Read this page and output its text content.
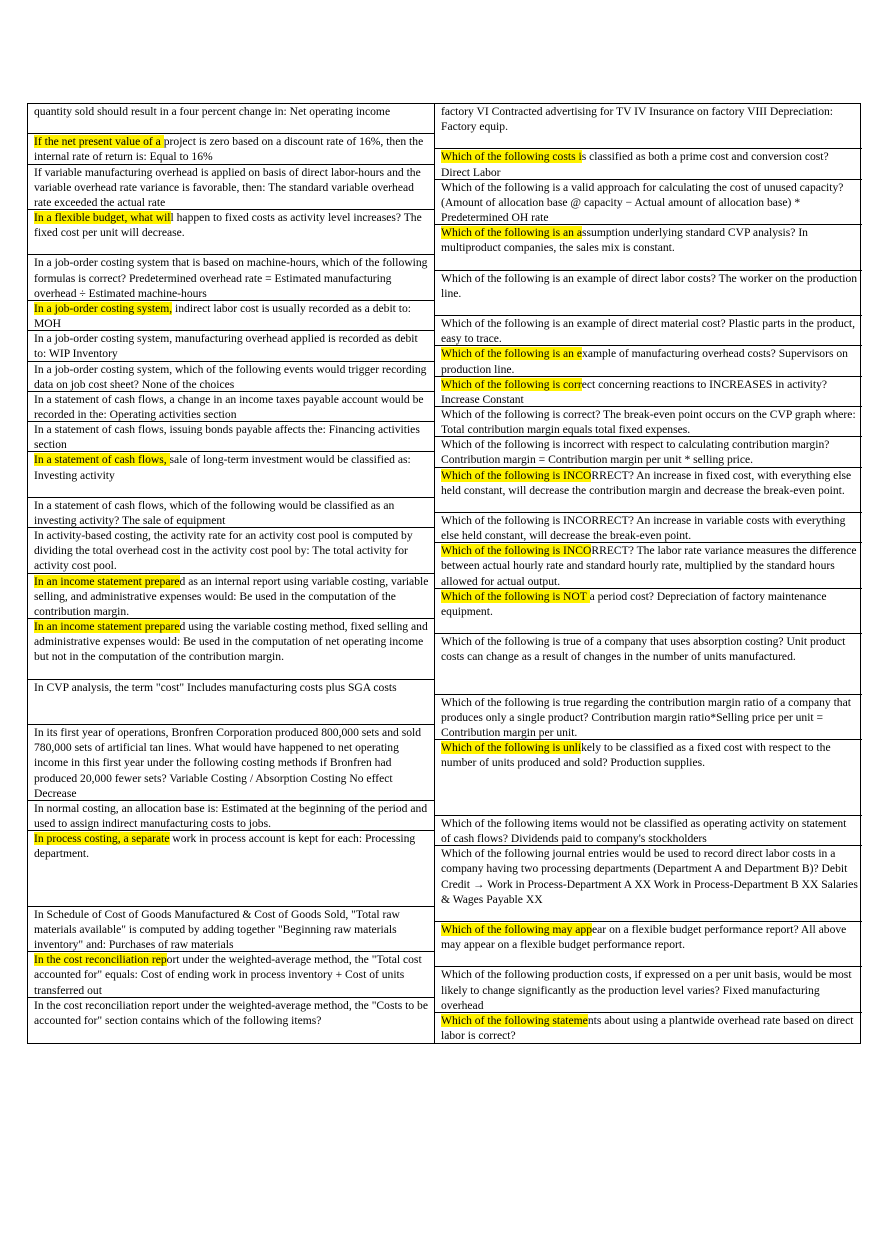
quantity sold should result in a four percent change in: Net operating income

If the net present value of a project is zero based on a discount rate of 16%, then the internal rate of return is: Equal to 16%

If variable manufacturing overhead is applied on basis of direct labor-hours and the variable overhead rate variance is favorable, then: The standard variable overhead rate exceeded the actual rate

In a flexible budget, what will happen to fixed costs as activity level increases? The fixed cost per unit will decrease.

In a job-order costing system that is based on machine-hours, which of the following formulas is correct? Predetermined overhead rate = Estimated manufacturing overhead ÷ Estimated machine-hours

In a job-order costing system, indirect labor cost is usually recorded as a debit to: MOH

In a job-order costing system, manufacturing overhead applied is recorded as debit to: WIP Inventory

In a job-order costing system, which of the following events would trigger recording data on job cost sheet? None of the choices

In a statement of cash flows, a change in an income taxes payable account would be recorded in the: Operating activities section

In a statement of cash flows, issuing bonds payable affects the: Financing activities section

In a statement of cash flows, sale of long-term investment would be classified as: Investing activity

In a statement of cash flows, which of the following would be classified as an investing activity? The sale of equipment

In activity-based costing, the activity rate for an activity cost pool is computed by dividing the total overhead cost in the activity cost pool by: The total activity for activity cost pool.

In an income statement prepared as an internal report using variable costing, variable selling, and administrative expenses would: Be used in the computation of the contribution margin.

In an income statement prepared using the variable costing method, fixed selling and administrative expenses would: Be used in the computation of net operating income but not in the computation of the contribution margin.

In CVP analysis, the term "cost" Includes manufacturing costs plus SGA costs

In its first year of operations, Bronfren Corporation produced 800,000 sets and sold 780,000 sets of artificial tan lines. What would have happened to net operating income in this first year under the following costing methods if Bronfren had produced 20,000 fewer sets? Variable Costing / Absorption Costing No effect Decrease

In normal costing, an allocation base is: Estimated at the beginning of the period and used to assign indirect manufacturing costs to jobs.

In process costing, a separate work in process account is kept for each: Processing department.

In Schedule of Cost of Goods Manufactured & Cost of Goods Sold, "Total raw materials available" is computed by adding together "Beginning raw materials inventory" and: Purchases of raw materials

In the cost reconciliation report under the weighted-average method, the "Total cost accounted for" equals: Cost of ending work in process inventory + Cost of units transferred out

In the cost reconciliation report under the weighted-average method, the "Costs to be accounted for" section contains which of the following items?

factory VI Contracted advertising for TV IV Insurance on factory VIII Depreciation: Factory equip.

Which of the following costs is classified as both a prime cost and conversion cost? Direct Labor

Which of the following is a valid approach for calculating the cost of unused capacity? (Amount of allocation base @ capacity − Actual amount of allocation base) * Predetermined OH rate

Which of the following is an assumption underlying standard CVP analysis? In multiproduct companies, the sales mix is constant.

Which of the following is an example of direct labor costs? The worker on the production line.

Which of the following is an example of direct material cost? Plastic parts in the product, easy to trace.

Which of the following is an example of manufacturing overhead costs? Supervisors on production line.

Which of the following is correct concerning reactions to INCREASES in activity? Increase Constant

Which of the following is correct? The break-even point occurs on the CVP graph where: Total contribution margin equals total fixed expenses.

Which of the following is incorrect with respect to calculating contribution margin? Contribution margin = Contribution margin per unit * selling price.

Which of the following is INCORRECT? An increase in fixed cost, with everything else held constant, will decrease the contribution margin and decrease the break-even point.

Which of the following is INCORRECT? An increase in variable costs with everything else held constant, will decrease the break-even point.

Which of the following is INCORRECT? The labor rate variance measures the difference between actual hourly rate and standard hourly rate, multiplied by the standard hours allowed for actual output.

Which of the following is NOT a period cost? Depreciation of factory maintenance equipment.

Which of the following is true of a company that uses absorption costing? Unit product costs can change as a result of changes in the number of units manufactured.

Which of the following is true regarding the contribution margin ratio of a company that produces only a single product? Contribution margin ratio*Selling price per unit = Contribution margin per unit.

Which of the following is unlikely to be classified as a fixed cost with respect to the number of units produced and sold? Production supplies.

Which of the following items would not be classified as operating activity on statement of cash flows? Dividends paid to company's stockholders

Which of the following journal entries would be used to record direct labor costs in a company having two processing departments (Department A and Department B)? Debit Credit → Work in Process-Department A XX Work in Process-Department B XX Salaries & Wages Payable XX

Which of the following may appear on a flexible budget performance report? All above may appear on a flexible budget performance report.

Which of the following production costs, if expressed on a per unit basis, would be most likely to change significantly as the production level varies? Fixed manufacturing overhead

Which of the following statements about using a plantwide overhead rate based on direct labor is correct?
